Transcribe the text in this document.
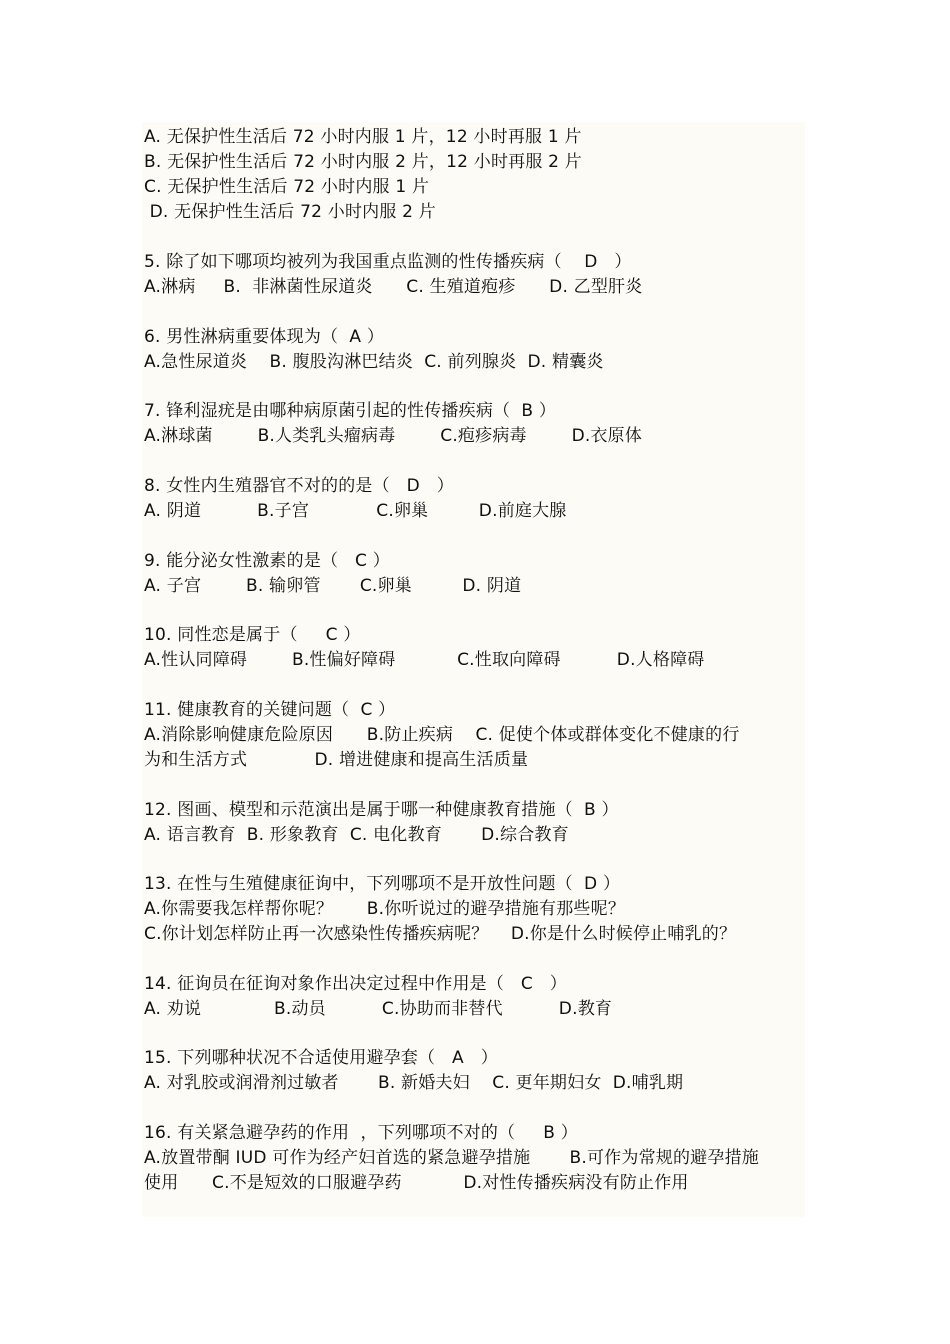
A. 无保护性生活后 72 小时内服 1 片，12 小时再服 1 片
B. 无保护性生活后 72 小时内服 2 片，12 小时再服 2 片
C. 无保护性生活后 72 小时内服 1 片
D. 无保护性生活后 72 小时内服 2 片
5. 除了如下哪项均被列为我国重点监测的性传播疾病（    D   ）
A.淋病     B.  非淋菌性尿道炎      C. 生殖道疱疹      D. 乙型肝炎
6. 男性淋病重要体现为（  A ）
A.急性尿道炎    B. 腹股沟淋巴结炎  C. 前列腺炎  D. 精囊炎
7. 锋利湿疣是由哪种病原菌引起的性传播疾病（  B ）
A.淋球菌        B.人类乳头瘤病毒        C.疱疹病毒        D.衣原体
8. 女性内生殖器官不对的的是（   D   ）
A. 阴道          B.子宫            C.卵巢         D.前庭大腺
9. 能分泌女性激素的是（   C ）
A. 子宫        B. 输卵管       C.卵巢         D. 阴道
10. 同性恋是属于（     C ）
A.性认同障碍        B.性偏好障碍           C.性取向障碍          D.人格障碍
11. 健康教育的关键问题（  C ）
A.消除影响健康危险原因      B.防止疾病    C. 促使个体或群体变化不健康的行
为和生活方式            D. 增进健康和提高生活质量
12. 图画、模型和示范演出是属于哪一种健康教育措施（  B ）
A. 语言教育  B. 形象教育  C. 电化教育       D.综合教育
13. 在性与生殖健康征询中，下列哪项不是开放性问题（  D ）
A.你需要我怎样帮你呢？      B.你听说过的避孕措施有那些呢？
C.你计划怎样防止再一次感染性传播疾病呢？    D.你是什么时候停止哺乳的？
14. 征询员在征询对象作出决定过程中作用是（   C   ）
A. 劝说             B.动员          C.协助而非替代          D.教育
15. 下列哪种状况不合适使用避孕套（   A   ）
A. 对乳胶或润滑剂过敏者       B. 新婚夫妇    C. 更年期妇女  D.哺乳期
16. 有关紧急避孕药的作用  ，下列哪项不对的（     B ）
A.放置带酮 IUD 可作为经产妇首选的紧急避孕措施       B.可作为常规的避孕措施
使用      C.不是短效的口服避孕药           D.对性传播疾病没有防止作用
